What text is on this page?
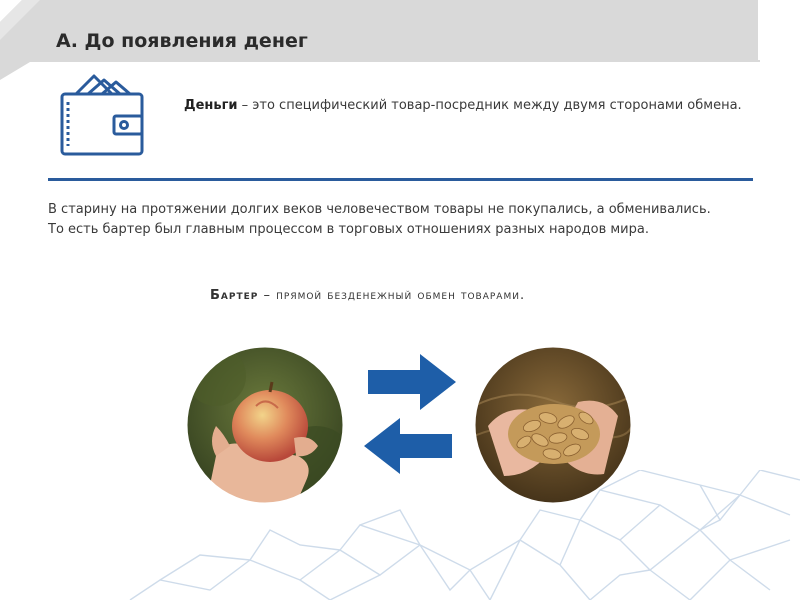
А. До появления денег
Деньги – это специфический товар-посредник между двумя сторонами обмена.
В старину на протяжении долгих веков человечеством товары не покупались, а обменивались. То есть бартер был главным процессом в торговых отношениях разных народов мира.
Бартер – прямой безденежный обмен товарами.
